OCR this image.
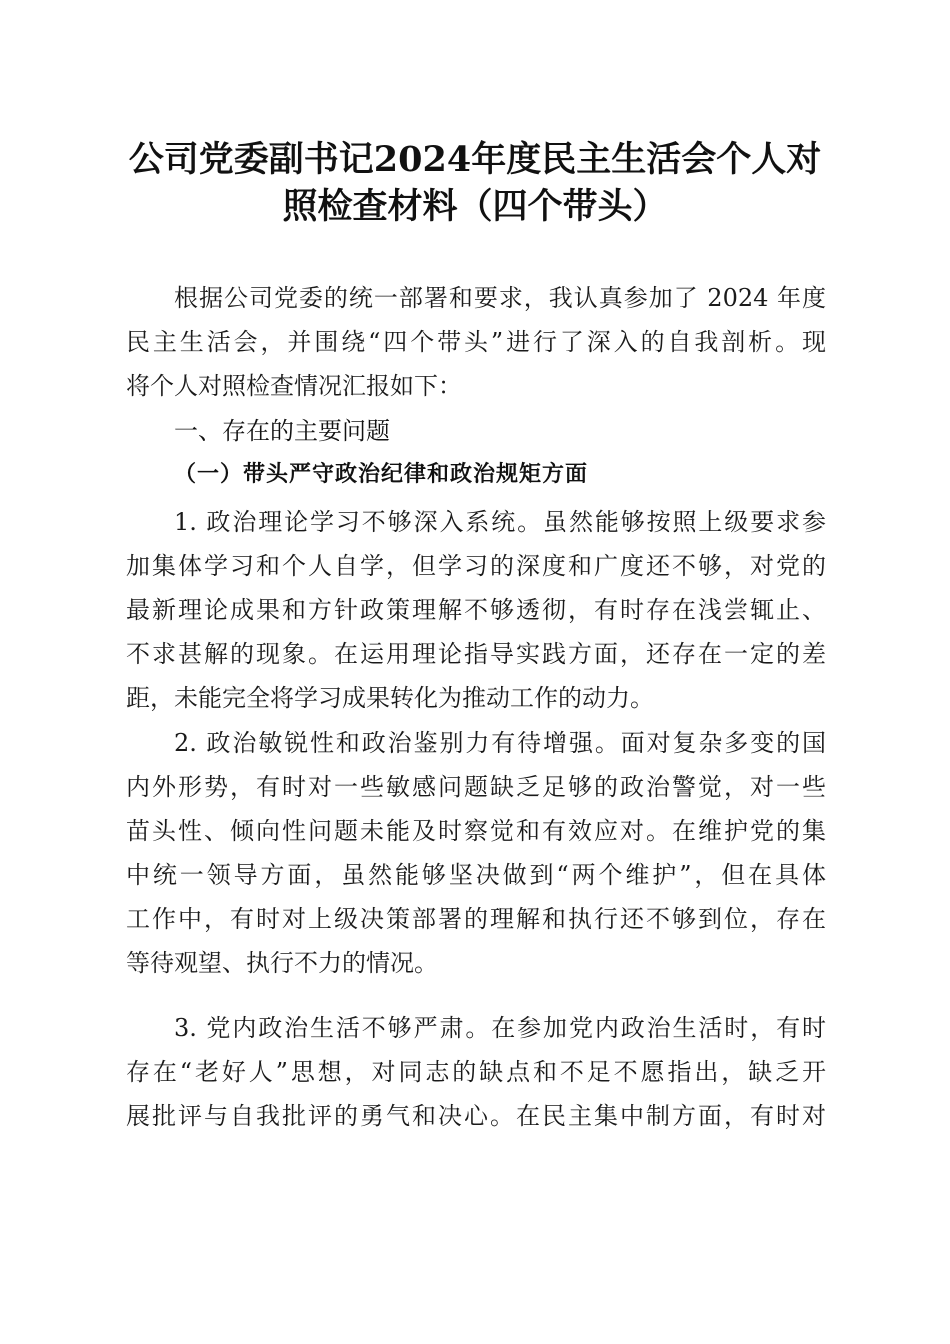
公司党委副书记2024年度民主生活会个人对
照检查材料（四个带头）
根据公司党委的统一部署和要求，我认真参加了 2024 年度
民主生活会，并围绕“四个带头”进行了深入的自我剖析。现
将个人对照检查情况汇报如下：
一、存在的主要问题
（一）带头严守政治纪律和政治规矩方面
1. 政治理论学习不够深入系统。虽然能够按照上级要求参
加集体学习和个人自学，但学习的深度和广度还不够，对党的
最新理论成果和方针政策理解不够透彻，有时存在浅尝辄止、
不求甚解的现象。在运用理论指导实践方面，还存在一定的差
距，未能完全将学习成果转化为推动工作的动力。
2. 政治敏锐性和政治鉴别力有待增强。面对复杂多变的国
内外形势，有时对一些敏感问题缺乏足够的政治警觉，对一些
苗头性、倾向性问题未能及时察觉和有效应对。在维护党的集
中统一领导方面，虽然能够坚决做到“两个维护”，但在具体
工作中，有时对上级决策部署的理解和执行还不够到位，存在
等待观望、执行不力的情况。
3. 党内政治生活不够严肃。在参加党内政治生活时，有时
存在“老好人”思想，对同志的缺点和不足不愿指出，缺乏开
展批评与自我批评的勇气和决心。在民主集中制方面，有时对
